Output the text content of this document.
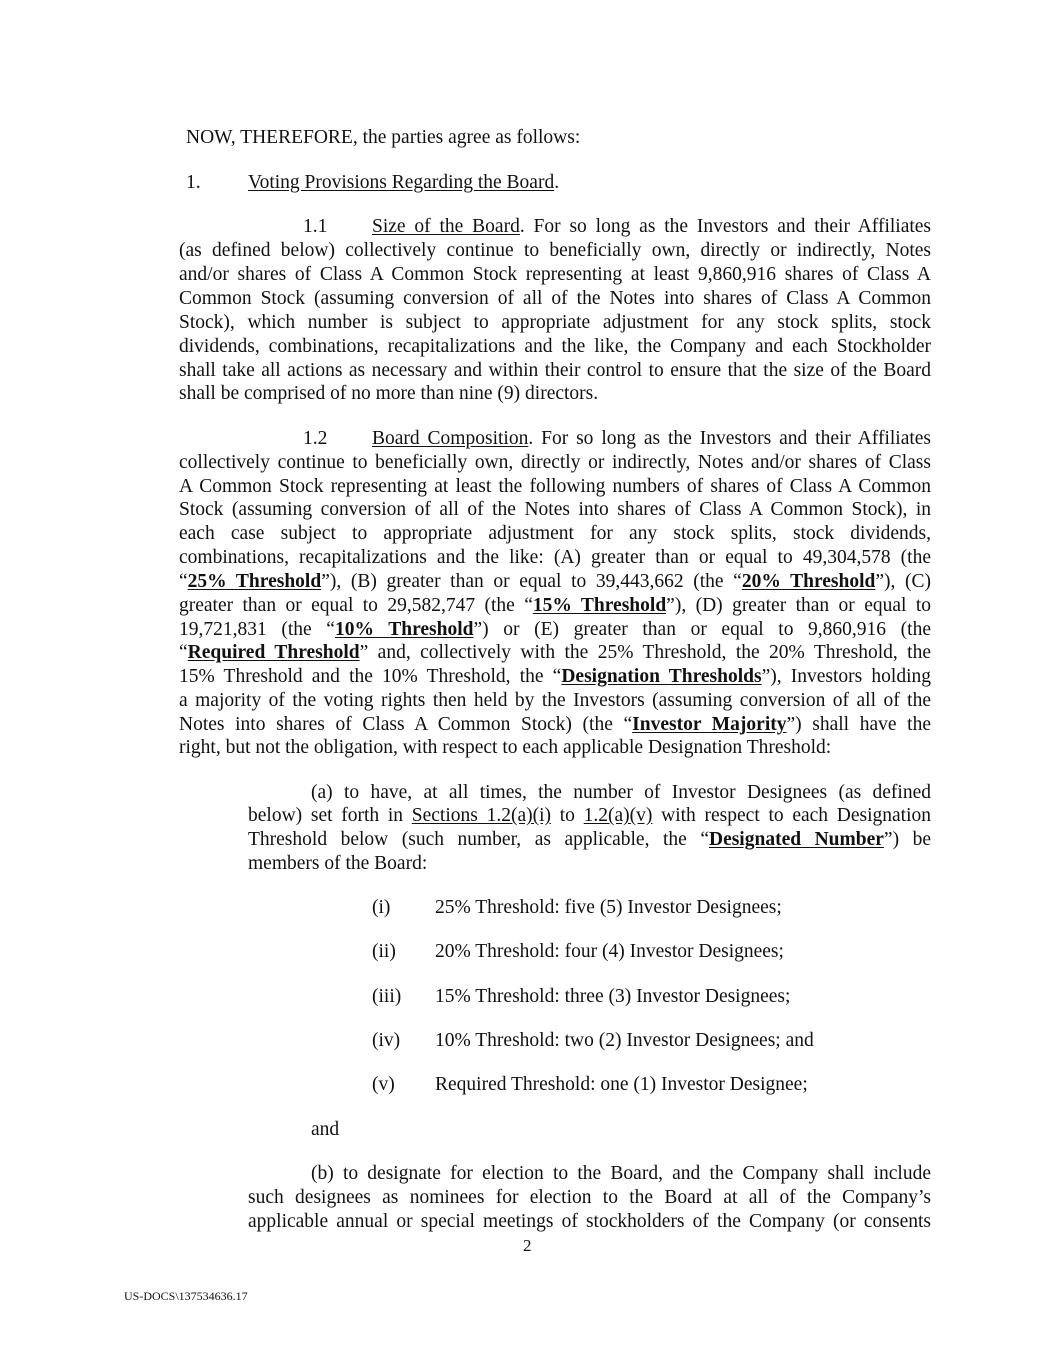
NOW, THEREFORE, the parties agree as follows:
1. Voting Provisions Regarding the Board.
1.1 Size of the Board. For so long as the Investors and their Affiliates
(as defined below) collectively continue to beneficially own, directly or indirectly, Notes
and/or shares of Class A Common Stock representing at least 9,860,916 shares of Class A
Common Stock (assuming conversion of all of the Notes into shares of Class A Common
Stock), which number is subject to appropriate adjustment for any stock splits, stock
dividends, combinations, recapitalizations and the like, the Company and each Stockholder
shall take all actions as necessary and within their control to ensure that the size of the Board
shall be comprised of no more than nine (9) directors.
1.2 Board Composition. For so long as the Investors and their Affiliates
collectively continue to beneficially own, directly or indirectly, Notes and/or shares of Class
A Common Stock representing at least the following numbers of shares of Class A Common
Stock (assuming conversion of all of the Notes into shares of Class A Common Stock), in
each case subject to appropriate adjustment for any stock splits, stock dividends,
combinations, recapitalizations and the like: (A) greater than or equal to 49,304,578 (the
“25% Threshold”), (B) greater than or equal to 39,443,662 (the “20% Threshold”), (C)
greater than or equal to 29,582,747 (the “15% Threshold”), (D) greater than or equal to
19,721,831 (the “10% Threshold”) or (E) greater than or equal to 9,860,916 (the
“Required Threshold” and, collectively with the 25% Threshold, the 20% Threshold, the
15% Threshold and the 10% Threshold, the “Designation Thresholds”), Investors holding
a majority of the voting rights then held by the Investors (assuming conversion of all of the
Notes into shares of Class A Common Stock) (the “Investor Majority”) shall have the
right, but not the obligation, with respect to each applicable Designation Threshold:
(a) to have, at all times, the number of Investor Designees (as defined
below) set forth in Sections 1.2(a)(i) to 1.2(a)(v) with respect to each Designation
Threshold below (such number, as applicable, the “Designated Number”) be
members of the Board:
(i) 25% Threshold: five (5) Investor Designees;
(ii) 20% Threshold: four (4) Investor Designees;
(iii) 15% Threshold: three (3) Investor Designees;
(iv) 10% Threshold: two (2) Investor Designees; and
(v) Required Threshold: one (1) Investor Designee;
and
(b) to designate for election to the Board, and the Company shall include
such designees as nominees for election to the Board at all of the Company’s
applicable annual or special meetings of stockholders of the Company (or consents
2
US-DOCS\137534636.17
